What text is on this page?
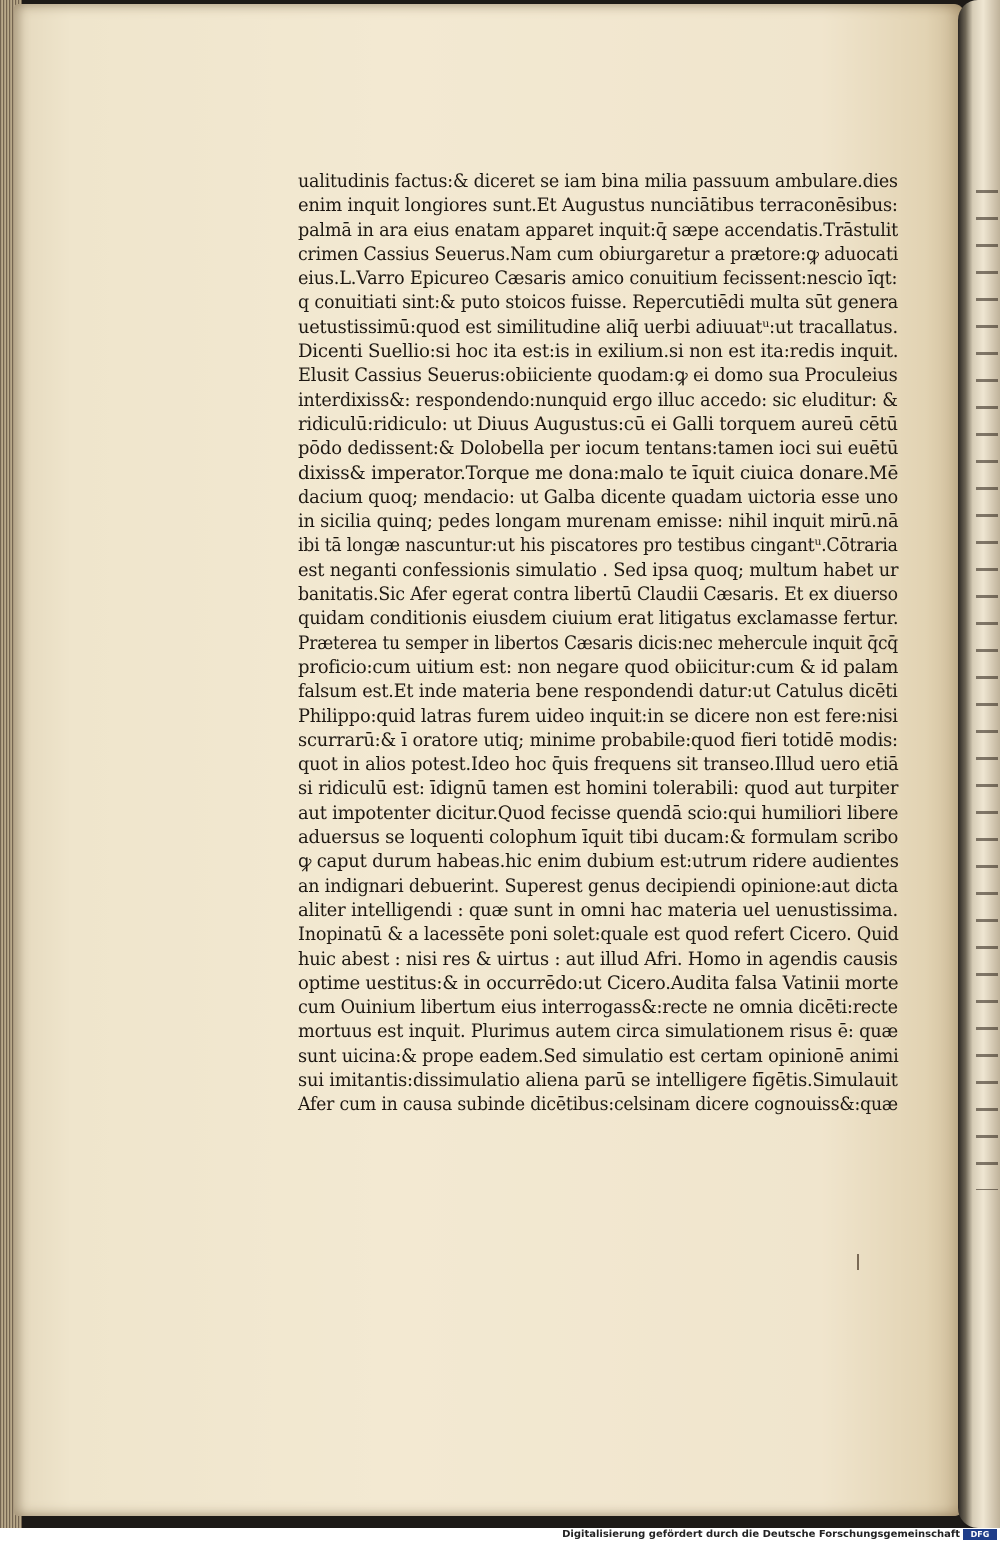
ualitudinis factus:& diceret se iam bina milia passuum ambulare.dies
enim inquit longiores sunt.Et Augustus nunciātibus terraconēsibus:
palmā in ara eius enatam apparet inquit:q̄ sæpe accendatis.Trāstulit
crimen Cassius Seuerus.Nam cum obiurgaretur a prætore:ꝙ aduocati
eius.L.Varro Epicureo Cæsaris amico conuitium fecissent:nescio īqt:
q conuitiati sint:& puto stoicos fuisse. Repercutiēdi multa sūt genera
uetustissimū:quod est similitudine aliq̄ uerbi adiuuatᵘ:ut tracallatus.
Dicenti Suellio:si hoc ita est:is in exilium.si non est ita:redis inquit.
Elusit Cassius Seuerus:obiiciente quodam:ꝙ ei domo sua Proculeius
interdixiss&: respondendo:nunquid ergo illuc accedo: sic eluditur: &
ridiculū:ridiculo: ut Diuus Augustus:cū ei Galli torquem aureū cētū
pōdo dedissent:& Dolobella per iocum tentans:tamen ioci sui euētū
dixiss& imperator.Torque me dona:malo te īquit ciuica donare.Mē
dacium quoq; mendacio: ut Galba dicente quadam uictoria esse uno
in sicilia quinq; pedes longam murenam emisse: nihil inquit mirū.nā
ibi tā longæ nascuntur:ut his piscatores pro testibus cingantᵘ.Cōtraria
est neganti confessionis simulatio . Sed ipsa quoq; multum habet ur
banitatis.Sic Afer egerat contra libertū Claudii Cæsaris. Et ex diuerso
quidam conditionis eiusdem ciuium erat litigatus exclamasse fertur.
Præterea tu semper in libertos Cæsaris dicis:nec mehercule inquit q̄cq̄
proficio:cum uitium est: non negare quod obiicitur:cum & id palam
falsum est.Et inde materia bene respondendi datur:ut Catulus dicēti
Philippo:quid latras furem uideo inquit:in se dicere non est fere:nisi
scurrarū:& ī oratore utiq; minime probabile:quod fieri totidē modis:
quot in alios potest.Ideo hoc q̄uis frequens sit transeo.Illud uero etiā
si ridiculū est: īdignū tamen est homini tolerabili: quod aut turpiter
aut impotenter dicitur.Quod fecisse quendā scio:qui humiliori libere
aduersus se loquenti colophum īquit tibi ducam:& formulam scribo
ꝙ caput durum habeas.hic enim dubium est:utrum ridere audientes
an indignari debuerint. Superest genus decipiendi opinione:aut dicta
aliter intelligendi : quæ sunt in omni hac materia uel uenustissima.
Inopinatū & a lacessēte poni solet:quale est quod refert Cicero. Quid
huic abest : nisi res & uirtus : aut illud Afri. Homo in agendis causis
optime uestitus:& in occurrēdo:ut Cicero.Audita falsa Vatinii morte
cum Ouinium libertum eius interrogass&:recte ne omnia dicēti:recte
mortuus est inquit. Plurimus autem circa simulationem risus ē: quæ
sunt uicina:& prope eadem.Sed simulatio est certam opinionē animi
sui imitantis:dissimulatio aliena parū se intelligere fīgētis.Simulauit
Afer cum in causa subinde dicētibus:celsinam dicere cognouiss&:quæ
Digitalisierung gefördert durch die Deutsche Forschungsgemeinschaft	DFG
